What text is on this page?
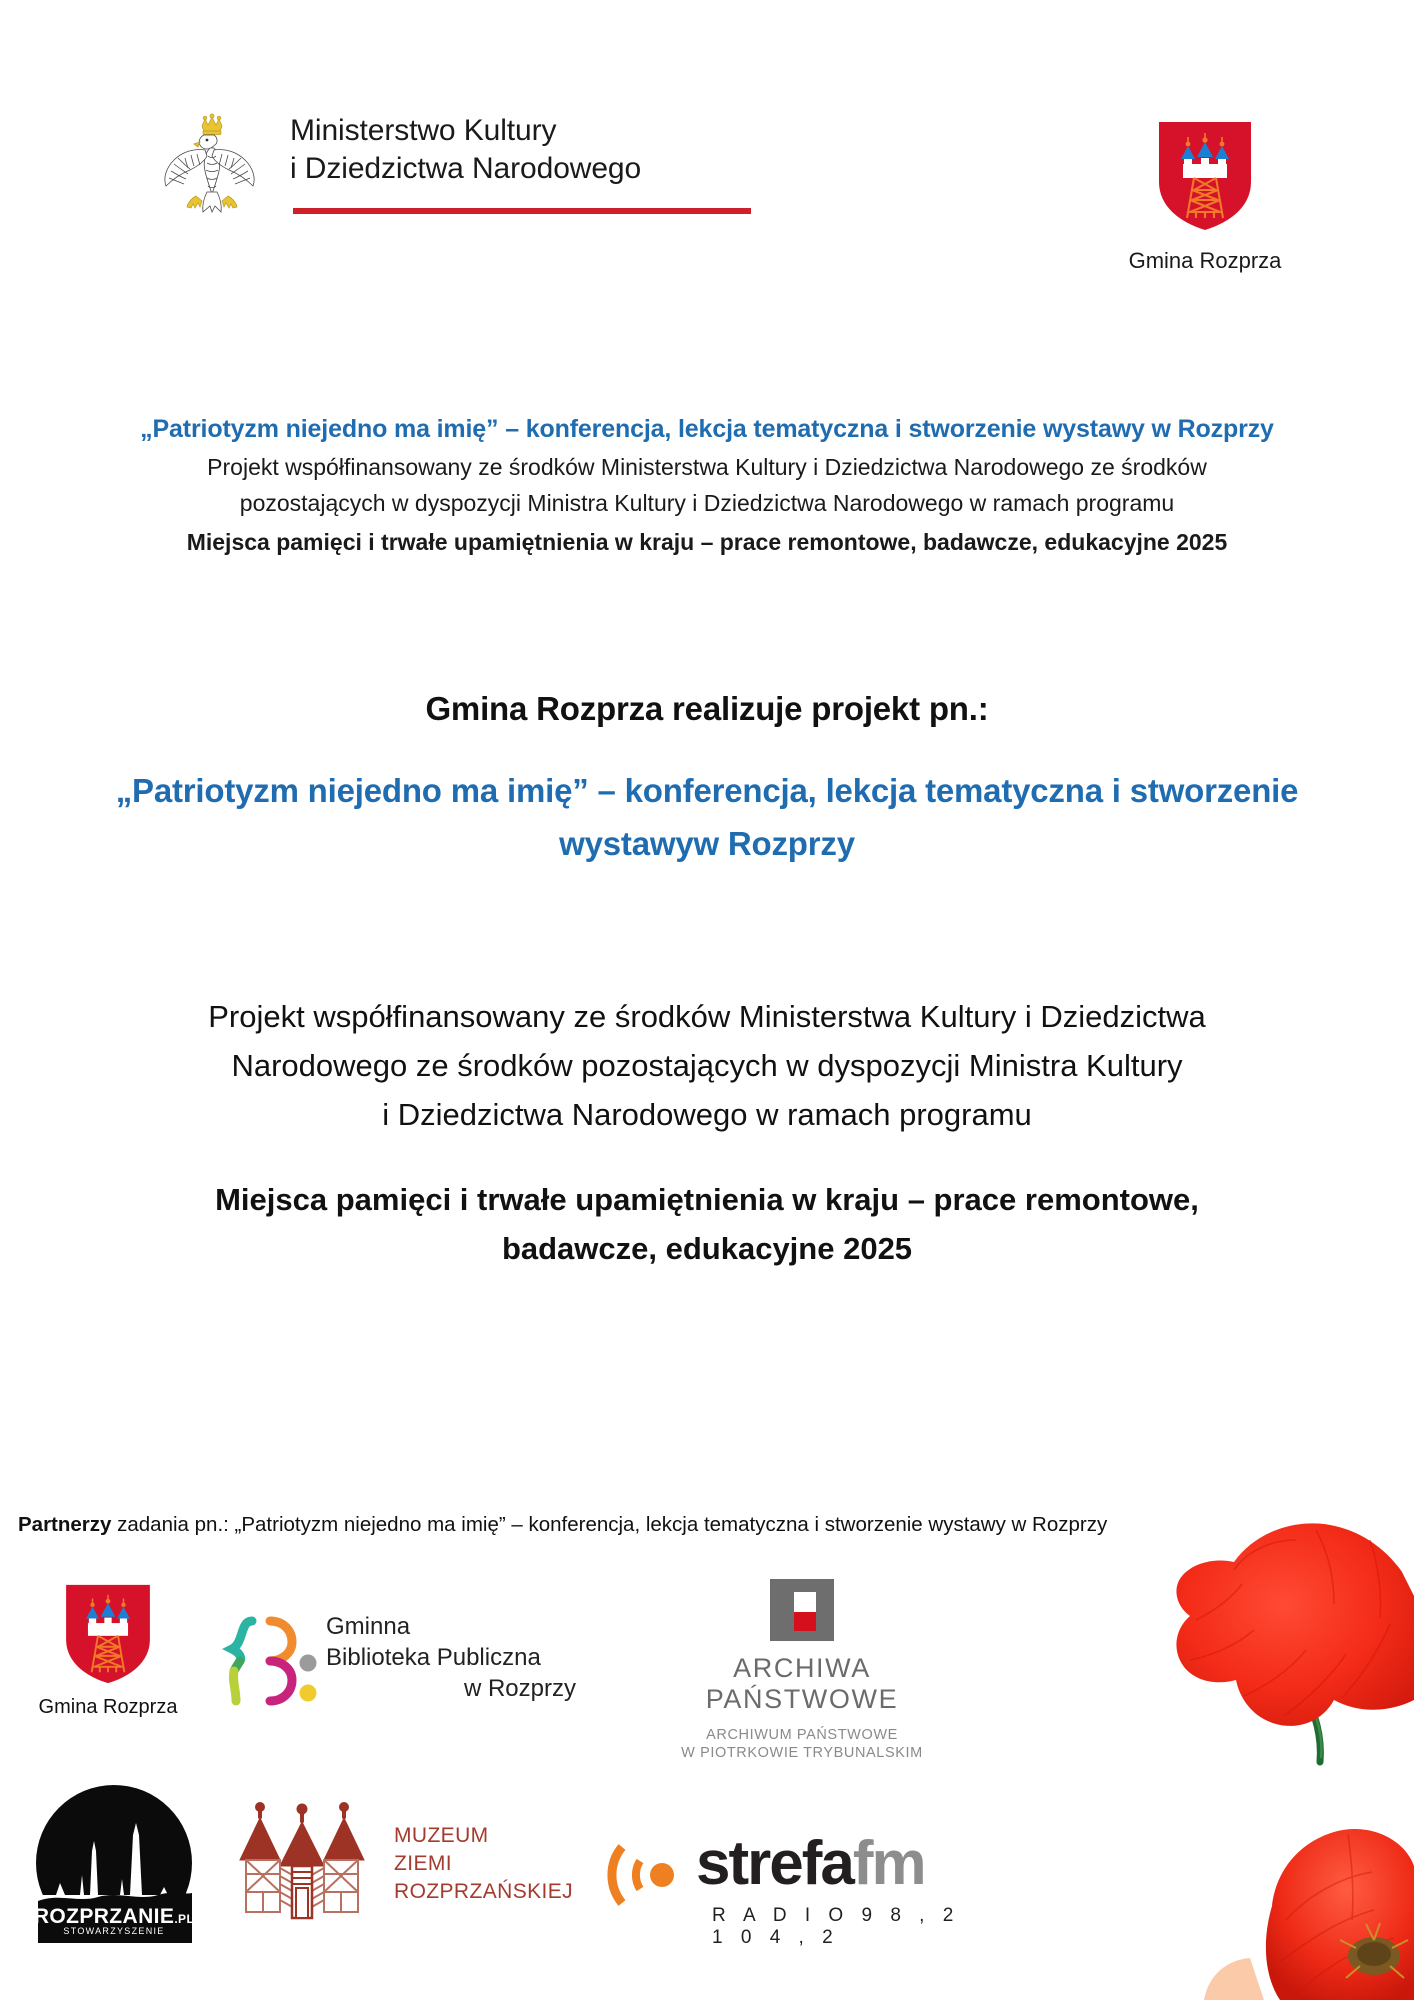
Ministerstwo Kultury
i Dziedzictwa Narodowego
Gmina Rozprza
„Patriotyzm niejedno ma imię” – konferencja, lekcja tematyczna i stworzenie wystawy w Rozprzy
Projekt współfinansowany ze środków Ministerstwa Kultury i Dziedzictwa Narodowego ze środków
pozostających w dyspozycji Ministra Kultury i Dziedzictwa Narodowego w ramach programu
Miejsca pamięci i trwałe upamiętnienia w kraju – prace remontowe, badawcze, edukacyjne 2025
Gmina Rozprza realizuje projekt pn.:
„Patriotyzm niejedno ma imię” – konferencja, lekcja tematyczna i stworzenie
wystawyw Rozprzy
Projekt współfinansowany ze środków Ministerstwa Kultury i Dziedzictwa
Narodowego ze środków pozostających w dyspozycji Ministra Kultury
i Dziedzictwa Narodowego w ramach programu
Miejsca pamięci i trwałe upamiętnienia w kraju – prace remontowe,
badawcze, edukacyjne 2025
Partnerzy zadania pn.: „Patriotyzm niejedno ma imię” – konferencja, lekcja tematyczna i stworzenie wystawy w Rozprzy
Gmina Rozprza
Gminna
Biblioteka Publiczna
w Rozprzy
ARCHIWA
PAŃSTWOWE
ARCHIWUM PAŃSTWOWE
W PIOTRKOWIE TRYBUNALSKIM
ROZPRZANIE.PL
STOWARZYSZENIE
MUZEUM
ZIEMI
ROZPRZAŃSKIEJ strefafm
R A D I O 9 8 , 2 1 0 4 , 2
